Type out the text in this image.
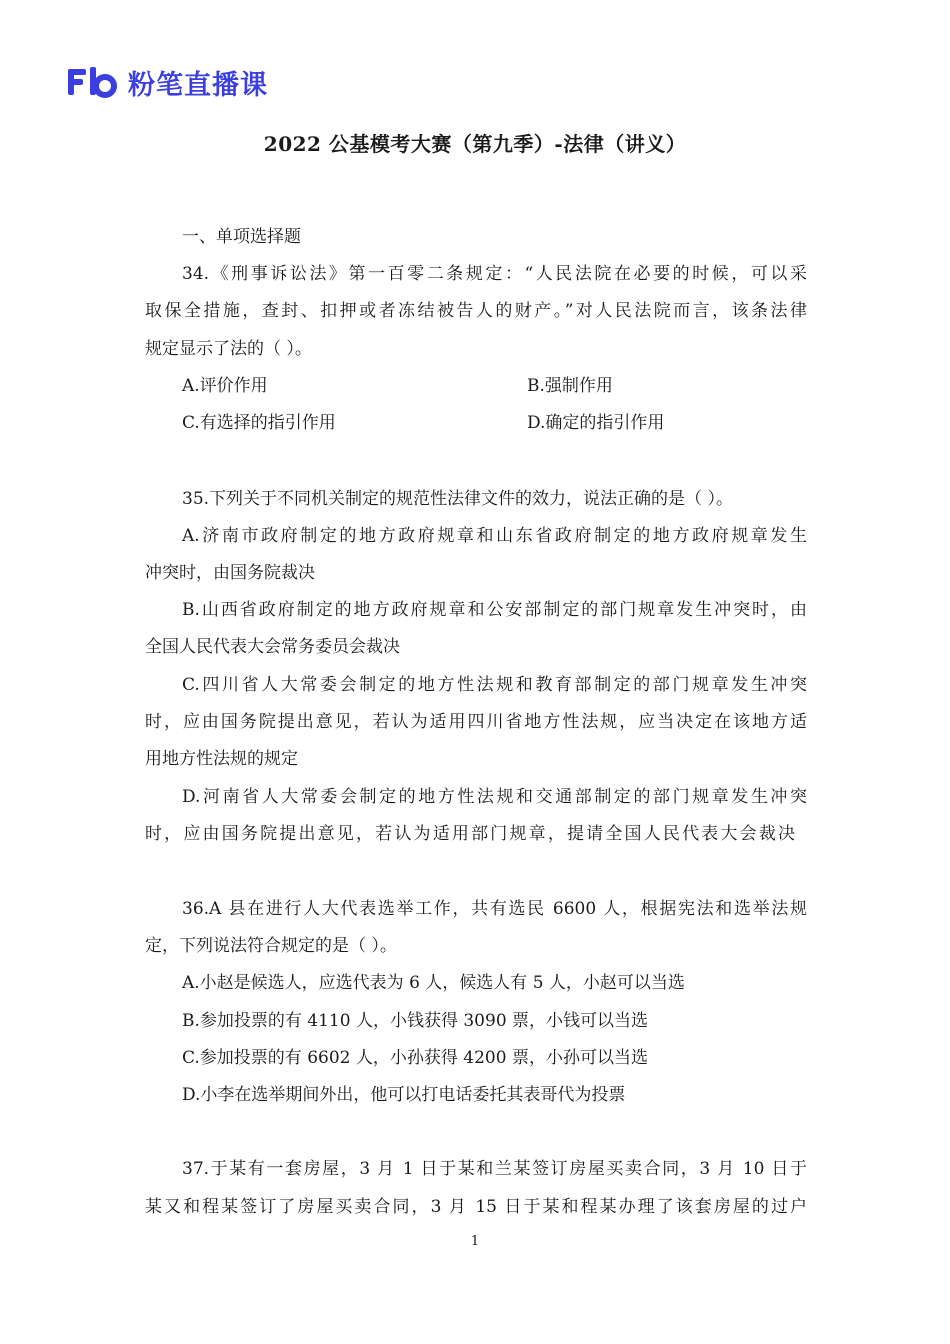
粉笔直播课
2022 公基模考大赛（第九季）-法律（讲义）
一、单项选择题
34.《刑事诉讼法》第一百零二条规定：“人民法院在必要的时候，可以采
取保全措施，查封、扣押或者冻结被告人的财产。”对人民法院而言，该条法律
规定显示了法的（ ）。
A.评价作用	B.强制作用
C.有选择的指引作用	D.确定的指引作用
35.下列关于不同机关制定的规范性法律文件的效力，说法正确的是（ ）。
A.济南市政府制定的地方政府规章和山东省政府制定的地方政府规章发生
冲突时，由国务院裁决
B.山西省政府制定的地方政府规章和公安部制定的部门规章发生冲突时，由
全国人民代表大会常务委员会裁决
C.四川省人大常委会制定的地方性法规和教育部制定的部门规章发生冲突
时，应由国务院提出意见，若认为适用四川省地方性法规，应当决定在该地方适
用地方性法规的规定
D.河南省人大常委会制定的地方性法规和交通部制定的部门规章发生冲突
时，应由国务院提出意见，若认为适用部门规章，提请全国人民代表大会裁决
36.A 县在进行人大代表选举工作，共有选民 6600 人，根据宪法和选举法规
定，下列说法符合规定的是（ ）。
A.小赵是候选人，应选代表为 6 人，候选人有 5 人，小赵可以当选
B.参加投票的有 4110 人，小钱获得 3090 票，小钱可以当选
C.参加投票的有 6602 人，小孙获得 4200 票，小孙可以当选
D.小李在选举期间外出，他可以打电话委托其表哥代为投票
37.于某有一套房屋，3 月 1 日于某和兰某签订房屋买卖合同，3 月 10 日于
某又和程某签订了房屋买卖合同，3 月 15 日于某和程某办理了该套房屋的过户
1
